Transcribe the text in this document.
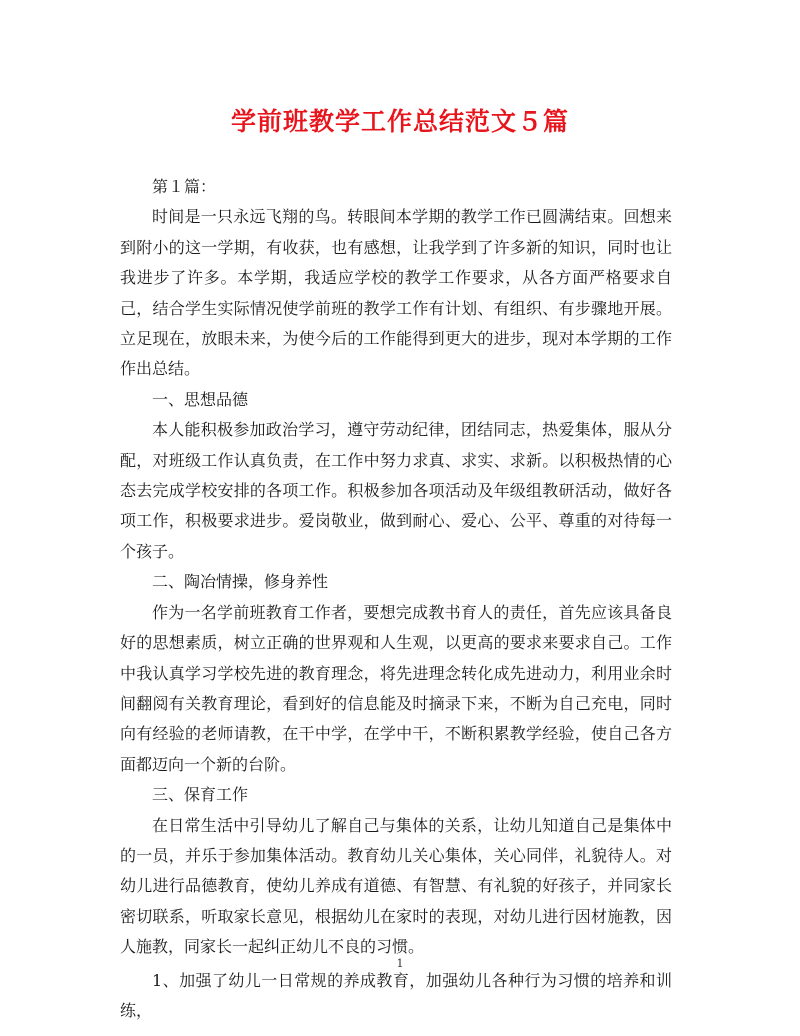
学前班教学工作总结范文５篇

第１篇：

时间是一只永远飞翔的鸟。转眼间本学期的教学工作已圆满结束。回想来到附小的这一学期，有收获，也有感想，让我学到了许多新的知识，同时也让我进步了许多。本学期，我适应学校的教学工作要求，从各方面严格要求自己，结合学生实际情况使学前班的教学工作有计划、有组织、有步骤地开展。立足现在，放眼未来，为使今后的工作能得到更大的进步，现对本学期的工作作出总结。

一、思想品德

本人能积极参加政治学习，遵守劳动纪律，团结同志，热爱集体，服从分配，对班级工作认真负责，在工作中努力求真、求实、求新。以积极热情的心态去完成学校安排的各项工作。积极参加各项活动及年级组教研活动，做好各项工作，积极要求进步。爱岗敬业，做到耐心、爱心、公平、尊重的对待每一个孩子。

二、陶冶情操，修身养性

作为一名学前班教育工作者，要想完成教书育人的责任，首先应该具备良好的思想素质，树立正确的世界观和人生观，以更高的要求来要求自己。工作中我认真学习学校先进的教育理念，将先进理念转化成先进动力，利用业余时间翻阅有关教育理论，看到好的信息能及时摘录下来，不断为自己充电，同时向有经验的老师请教，在干中学，在学中干，不断积累教学经验，使自己各方面都迈向一个新的台阶。

三、保育工作

在日常生活中引导幼儿了解自己与集体的关系，让幼儿知道自己是集体中的一员，并乐于参加集体活动。教育幼儿关心集体，关心同伴，礼貌待人。对幼儿进行品德教育，使幼儿养成有道德、有智慧、有礼貌的好孩子，并同家长密切联系，听取家长意见，根据幼儿在家时的表现，对幼儿进行因材施教，因人施教，同家长一起纠正幼儿不良的习惯。

1、加强了幼儿一日常规的养成教育，加强幼儿各种行为习惯的培养和训练，

1
